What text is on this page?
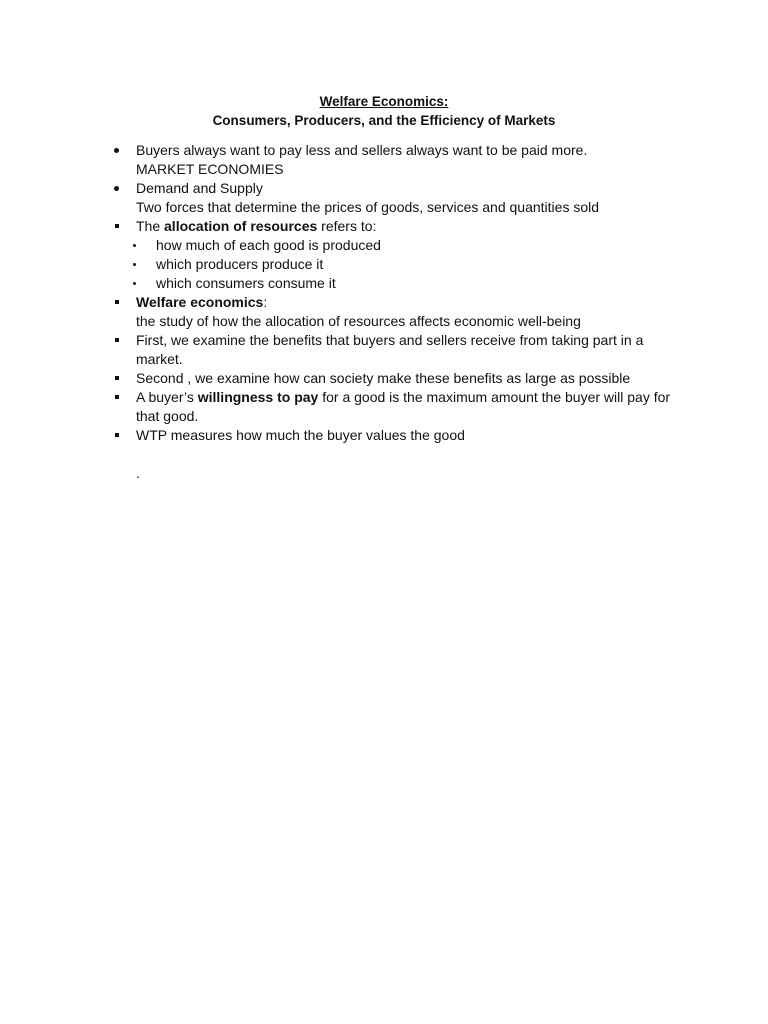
Welfare Economics:
Consumers, Producers, and the Efficiency of Markets

Buyers always want to pay less and sellers always want to be paid more.

MARKET ECONOMIES

Demand and Supply

Two forces that determine the prices of goods, services and quantities sold

The allocation of resources refers to:

how much of each good is produced

which producers produce it

which consumers consume it

Welfare economics:

the study of how the allocation of resources affects economic well-being

First, we examine the benefits that buyers and sellers receive from taking part in a market.

Second , we examine how can society make these benefits as large as possible

A buyer’s willingness to pay for a good is the maximum amount the buyer will pay for that good.

WTP measures how much the buyer values the good

.
